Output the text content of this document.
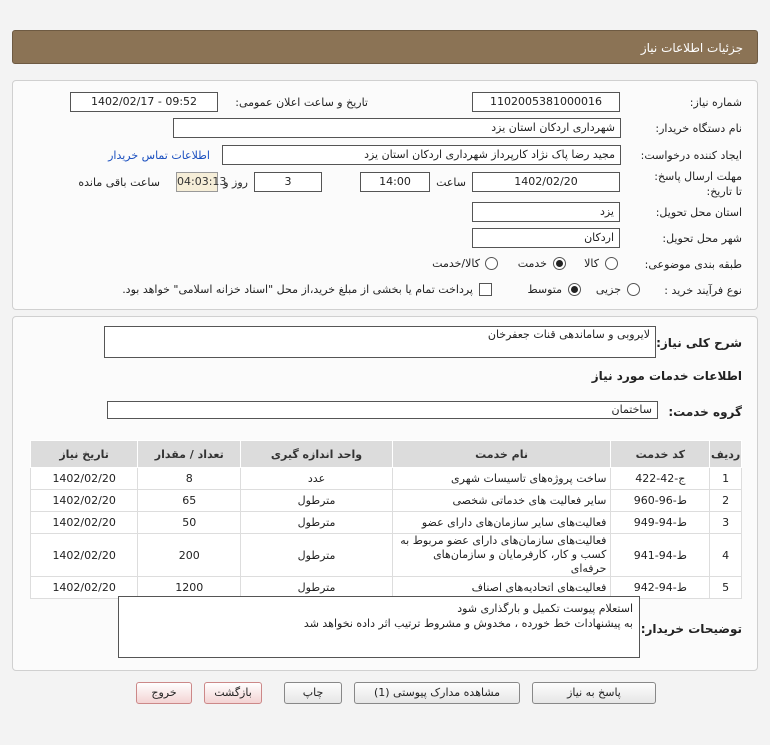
جزئیات اطلاعات نیاز
شماره نیاز:
1102005381000016
تاریخ و ساعت اعلان عمومی:
1402/02/17 - 09:52
نام دستگاه خریدار:
شهرداری اردکان استان یزد
ایجاد کننده درخواست:
مجید رضا پاک نژاد کارپرداز شهرداری اردکان استان یزد
اطلاعات تماس خریدار
مهلت ارسال پاسخ: تا تاریخ:
1402/02/20
ساعت
14:00
3
روز و
04:03:13
ساعت باقی مانده
استان محل تحویل:
یزد
شهر محل تحویل:
اردکان
طبقه بندی موضوعی:
کالا
خدمت
کالا/خدمت
نوع فرآیند خرید :
جزیی
متوسط
پرداخت تمام یا بخشی از مبلغ خرید،از محل "اسناد خزانه اسلامی" خواهد بود.
شرح کلی نیاز:
لایروبی و ساماندهی قنات جعفرخان
اطلاعات خدمات مورد نیاز
گروه خدمت:
ساختمان
ردیف	کد خدمت	نام خدمت	واحد اندازه گیری	تعداد / مقدار	تاریخ نیاز
1	ج-42-422	ساخت پروژه‌های تاسیسات شهری	عدد	8	1402/02/20
2	ط-96-960	سایر فعالیت های خدماتی شخصی	مترطول	65	1402/02/20
3	ط-94-949	فعالیت‌های سایر سازمان‌های دارای عضو	مترطول	50	1402/02/20
4	ط-94-941	فعالیت‌های سازمان‌های دارای عضو مربوط به کسب و کار، کارفرمایان و سازمان‌های حرفه‌ای	مترطول	200	1402/02/20
5	ط-94-942	فعالیت‌های اتحادیه‌های اصناف	مترطول	1200	1402/02/20
توضیحات خریدار:
استعلام پیوست تکمیل و بارگذاری شود
به پیشنهادات خط خورده ، مخدوش و مشروط ترتیب اثر داده نخواهد شد
پاسخ به نیاز
مشاهده مدارک پیوستی (1)
چاپ
بازگشت
خروج
